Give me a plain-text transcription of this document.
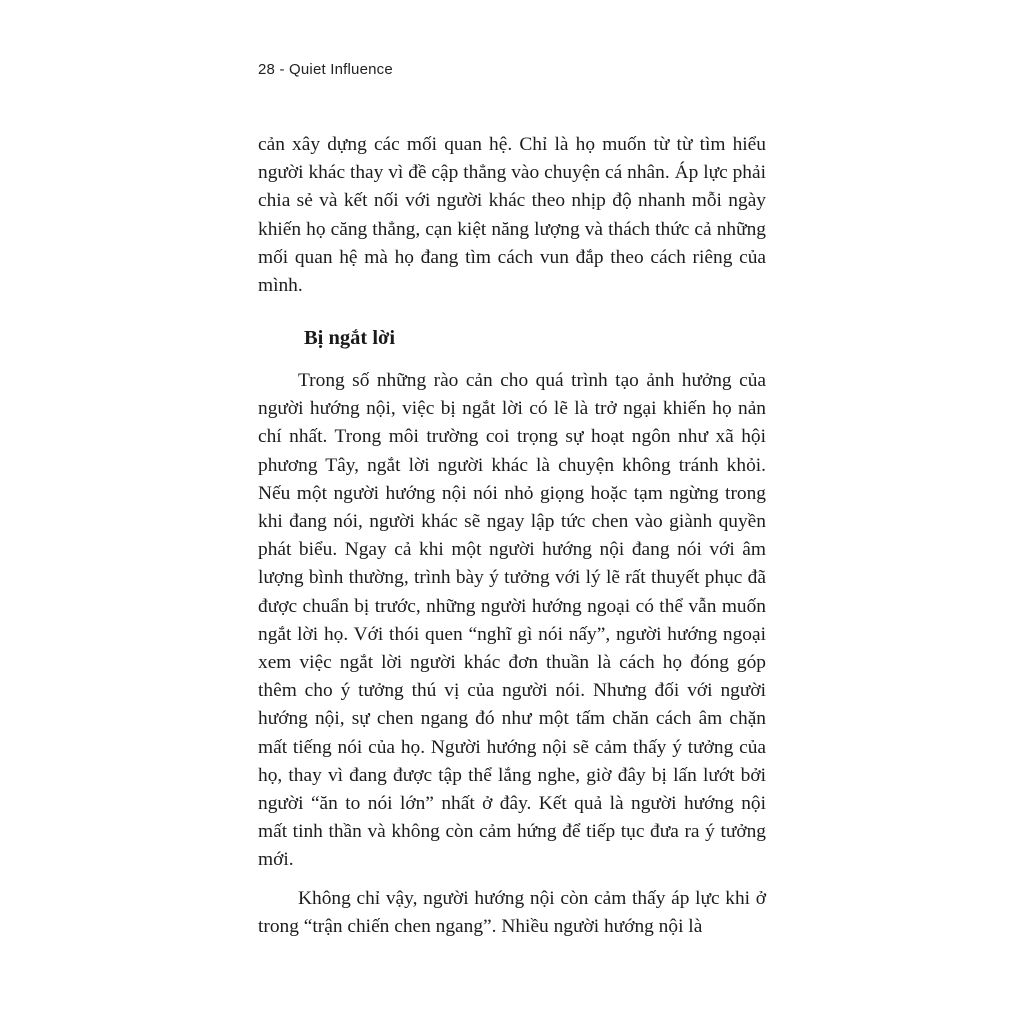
28 - Quiet Influence

cản xây dựng các mối quan hệ. Chỉ là họ muốn từ từ tìm hiểu người khác thay vì đề cập thẳng vào chuyện cá nhân. Áp lực phải chia sẻ và kết nối với người khác theo nhịp độ nhanh mỗi ngày khiến họ căng thẳng, cạn kiệt năng lượng và thách thức cả những mối quan hệ mà họ đang tìm cách vun đắp theo cách riêng của mình.

Bị ngắt lời

Trong số những rào cản cho quá trình tạo ảnh hưởng của người hướng nội, việc bị ngắt lời có lẽ là trở ngại khiến họ nản chí nhất. Trong môi trường coi trọng sự hoạt ngôn như xã hội phương Tây, ngắt lời người khác là chuyện không tránh khỏi. Nếu một người hướng nội nói nhỏ giọng hoặc tạm ngừng trong khi đang nói, người khác sẽ ngay lập tức chen vào giành quyền phát biểu. Ngay cả khi một người hướng nội đang nói với âm lượng bình thường, trình bày ý tưởng với lý lẽ rất thuyết phục đã được chuẩn bị trước, những người hướng ngoại có thể vẫn muốn ngắt lời họ. Với thói quen “nghĩ gì nói nấy”, người hướng ngoại xem việc ngắt lời người khác đơn thuần là cách họ đóng góp thêm cho ý tưởng thú vị của người nói. Nhưng đối với người hướng nội, sự chen ngang đó như một tấm chăn cách âm chặn mất tiếng nói của họ. Người hướng nội sẽ cảm thấy ý tưởng của họ, thay vì đang được tập thể lắng nghe, giờ đây bị lấn lướt bởi người “ăn to nói lớn” nhất ở đây. Kết quả là người hướng nội mất tinh thần và không còn cảm hứng để tiếp tục đưa ra ý tưởng mới.

Không chỉ vậy, người hướng nội còn cảm thấy áp lực khi ở trong “trận chiến chen ngang”. Nhiều người hướng nội là
